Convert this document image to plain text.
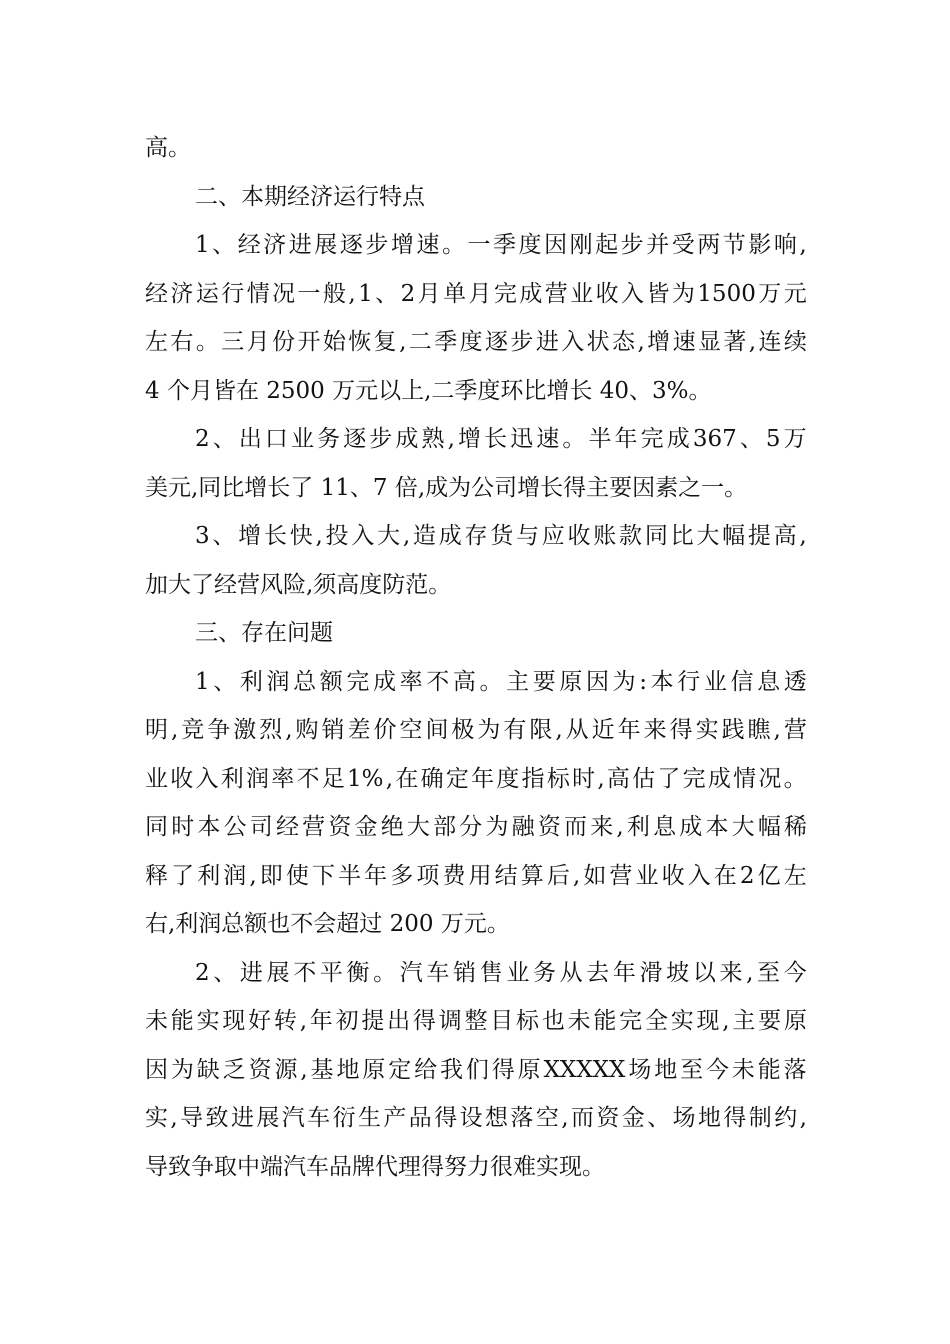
高。
二、本期经济运行特点
1 、 经 济 进 展 逐 步 增 速 。 一 季 度 因 刚 起 步 并 受 两 节 影 响 ,
经 济 运 行 情 况 一 般 , 1 、 2 月 单 月 完 成 营 业 收 入 皆 为 1500 万 元
左 右 。 三 月 份 开 始 恢 复 , 二 季 度 逐 步 进 入 状 态 , 增 速 显 著 , 连 续
4 个月皆在 2500 万元以上,二季度环比增长 40、3%。
2 、 出 口 业 务 逐 步 成 熟 , 增 长 迅 速 。 半 年 完 成 367 、 5 万
美元,同比增长了 11、7 倍,成为公司增长得主要因素之一。
3 、 增 长 快 , 投 入 大 , 造 成 存 货 与 应 收 账 款 同 比 大 幅 提 高 ,
加大了经营风险,须高度防范。
三、存在问题
1 、 利 润 总 额 完 成 率 不 高 。 主 要 原 因 为 : 本 行 业 信 息 透
明 , 竞 争 激 烈 , 购 销 差 价 空 间 极 为 有 限 , 从 近 年 来 得 实 践 瞧 , 营
业 收 入 利 润 率 不 足 1% , 在 确 定 年 度 指 标 时 , 高 估 了 完 成 情 况 。
同 时 本 公 司 经 营 资 金 绝 大 部 分 为 融 资 而 来 , 利 息 成 本 大 幅 稀
释 了 利 润 , 即 使 下 半 年 多 项 费 用 结 算 后 , 如 营 业 收 入 在 2 亿 左
右,利润总额也不会超过 200 万元。
2 、 进 展 不 平 衡 。 汽 车 销 售 业 务 从 去 年 滑 坡 以 来 , 至 今
未 能 实 现 好 转 , 年 初 提 出 得 调 整 目 标 也 未 能 完 全 实 现 , 主 要 原
因 为 缺 乏 资 源 , 基 地 原 定 给 我 们 得 原 XXXXX 场 地 至 今 未 能 落
实 , 导 致 进 展 汽 车 衍 生 产 品 得 设 想 落 空 , 而 资 金 、 场 地 得 制 约 ,
导致争取中端汽车品牌代理得努力很难实现。
